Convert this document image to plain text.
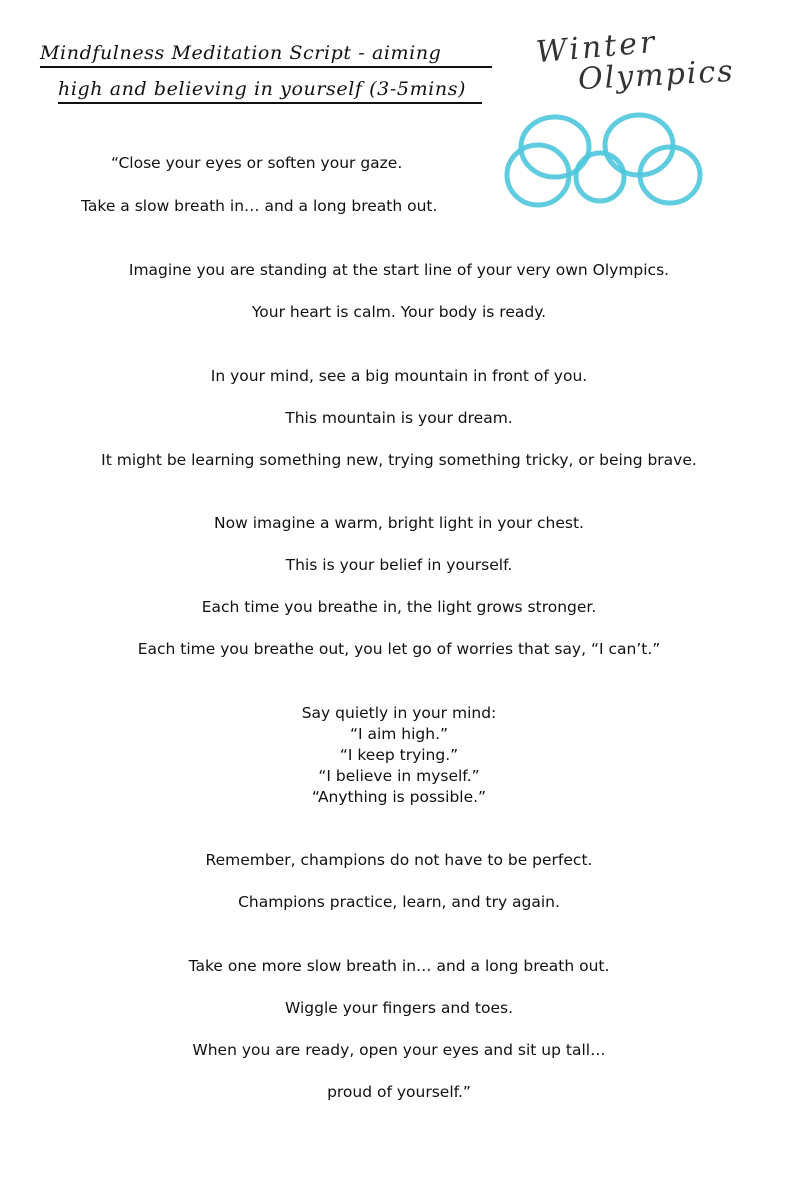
Mindfulness Meditation Script - aiming
high and believing in yourself (3-5mins)
Winter
Olympics
“Close your eyes or soften your gaze.
Take a slow breath in… and a long breath out.
Imagine you are standing at the start line of your very own Olympics.
Your heart is calm. Your body is ready.
In your mind, see a big mountain in front of you.
This mountain is your dream.
It might be learning something new, trying something tricky, or being brave.
Now imagine a warm, bright light in your chest.
This is your belief in yourself.
Each time you breathe in, the light grows stronger.
Each time you breathe out, you let go of worries that say, “I can’t.”
Say quietly in your mind:
“I aim high.”
“I keep trying.”
“I believe in myself.”
“Anything is possible.”
Remember, champions do not have to be perfect.
Champions practice, learn, and try again.
Take one more slow breath in… and a long breath out.
Wiggle your fingers and toes.
When you are ready, open your eyes and sit up tall…
proud of yourself.”
